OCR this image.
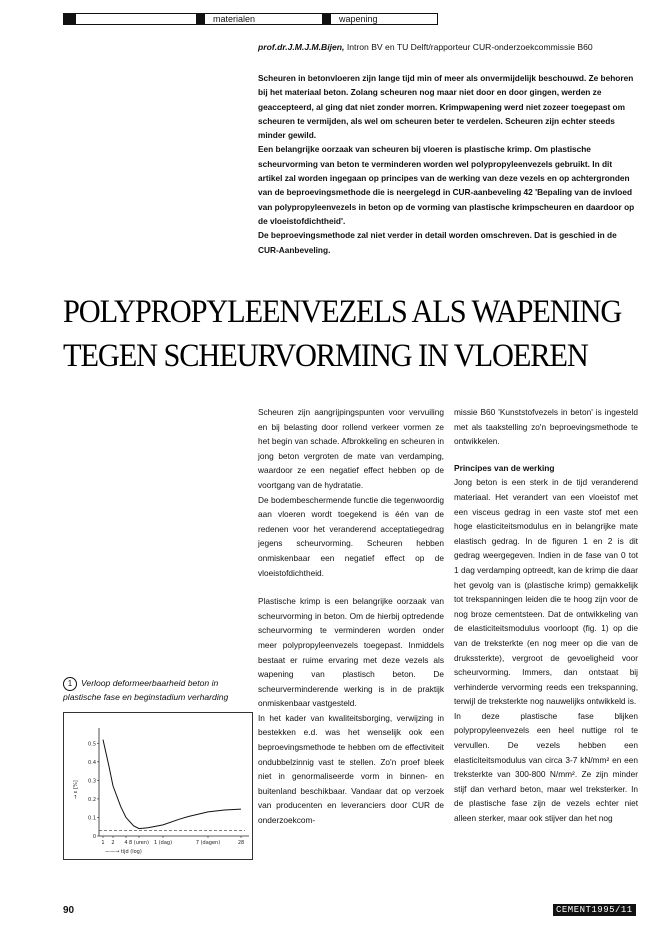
materialen	wapening
prof.dr.J.M.J.M.Bijen, Intron BV en TU Delft/rapporteur CUR-onderzoekcommissie B60

Scheuren in betonvloeren zijn lange tijd min of meer als onvermijdelijk beschouwd. Ze behoren bij het materiaal beton. Zolang scheuren nog maar niet door en door gingen, werden ze geaccepteerd, al ging dat niet zonder morren. Krimpwapening werd niet zozeer toegepast om scheuren te vermijden, als wel om scheuren beter te verdelen. Scheuren zijn echter steeds minder gewild.

Een belangrijke oorzaak van scheuren bij vloeren is plastische krimp. Om plastische scheurvorming van beton te verminderen worden wel polypropyleenvezels gebruikt. In dit artikel zal worden ingegaan op principes van de werking van deze vezels en op achtergronden van de beproevingsmethode die is neergelegd in CUR-aanbeveling 42 'Bepaling van de invloed van polypropyleenvezels in beton op de vorming van plastische krimpscheuren en daardoor op de vloeistofdichtheid'.

De beproevingsmethode zal niet verder in detail worden omschreven. Dat is geschied in de CUR-Aanbeveling.

POLYPROPYLEENVEZELS ALS WAPENING
TEGEN SCHEURVORMING IN VLOEREN
1 Verloop deformeerbaarheid beton in
plastische fase en beginstadium verharding
0.5
0.4
0.3
0.2
0.1
0
1 2 4 8 (uren) 1 (dag)	7 (dagen)	28
→ ε [%]
——→ tijd (log)

Scheuren zijn aangrijpingspunten voor vervuiling en bij belasting door rollend verkeer vormen ze het begin van schade. Afbrokkeling en scheuren in jong beton vergroten de mate van verdamping, waardoor ze een negatief effect hebben op de voortgang van de hydratatie.

De bodembeschermende functie die tegenwoordig aan vloeren wordt toegekend is één van de redenen voor het veranderend acceptatiegedrag jegens scheurvorming. Scheuren hebben onmiskenbaar een negatief effect op de vloeistofdichtheid.

Plastische krimp is een belangrijke oorzaak van scheurvorming in beton. Om de hierbij optredende scheurvorming te verminderen worden onder meer polypropyleenvezels toegepast. Inmiddels bestaat er ruime ervaring met deze vezels als wapening van plastisch beton. De scheurverminderende werking is in de praktijk onmiskenbaar vastgesteld.

In het kader van kwaliteitsborging, verwijzing in bestekken e.d. was het wenselijk ook een beproevingsmethode te hebben om de effectiviteit ondubbelzinnig vast te stellen. Zo'n proef bleek niet in genormaliseerde vorm in binnen- en buitenland beschikbaar. Vandaar dat op verzoek van producenten en leveranciers door CUR de onderzoekcom-

missie B60 'Kunststofvezels in beton' is ingesteld met als taakstelling zo'n beproevingsmethode te ontwikkelen.

Principes van de werking

Jong beton is een sterk in de tijd veranderend materiaal. Het verandert van een vloeistof met een visceus gedrag in een vaste stof met een hoge elasticiteitsmodulus en in belangrijke mate elastisch gedrag. In de figuren 1 en 2 is dit gedrag weergegeven. Indien in de fase van 0 tot 1 dag verdamping optreedt, kan de krimp die daar het gevolg van is (plastische krimp) gemakkelijk tot trekspanningen leiden die te hoog zijn voor de nog broze cementsteen. Dat de ontwikkeling van de elasticiteitsmodulus voorloopt (fig. 1) op die van de treksterkte (en nog meer op die van de drukssterkte), vergroot de gevoeligheid voor scheurvorming. Immers, dan ontstaat bij verhinderde vervorming reeds een trekspanning, terwijl de treksterkte nog nauwelijks ontwikkeld is.

In deze plastische fase blijken polypropyleenvezels een heel nuttige rol te vervullen. De vezels hebben een elasticiteitsmodulus van circa 3-7 kN/mm² en een treksterkte van 300-800 N/mm². Ze zijn minder stijf dan verhard beton, maar wel treksterker. In de plastische fase zijn de vezels echter niet alleen sterker, maar ook stijver dan het nog

90	CEMENT1995/11
